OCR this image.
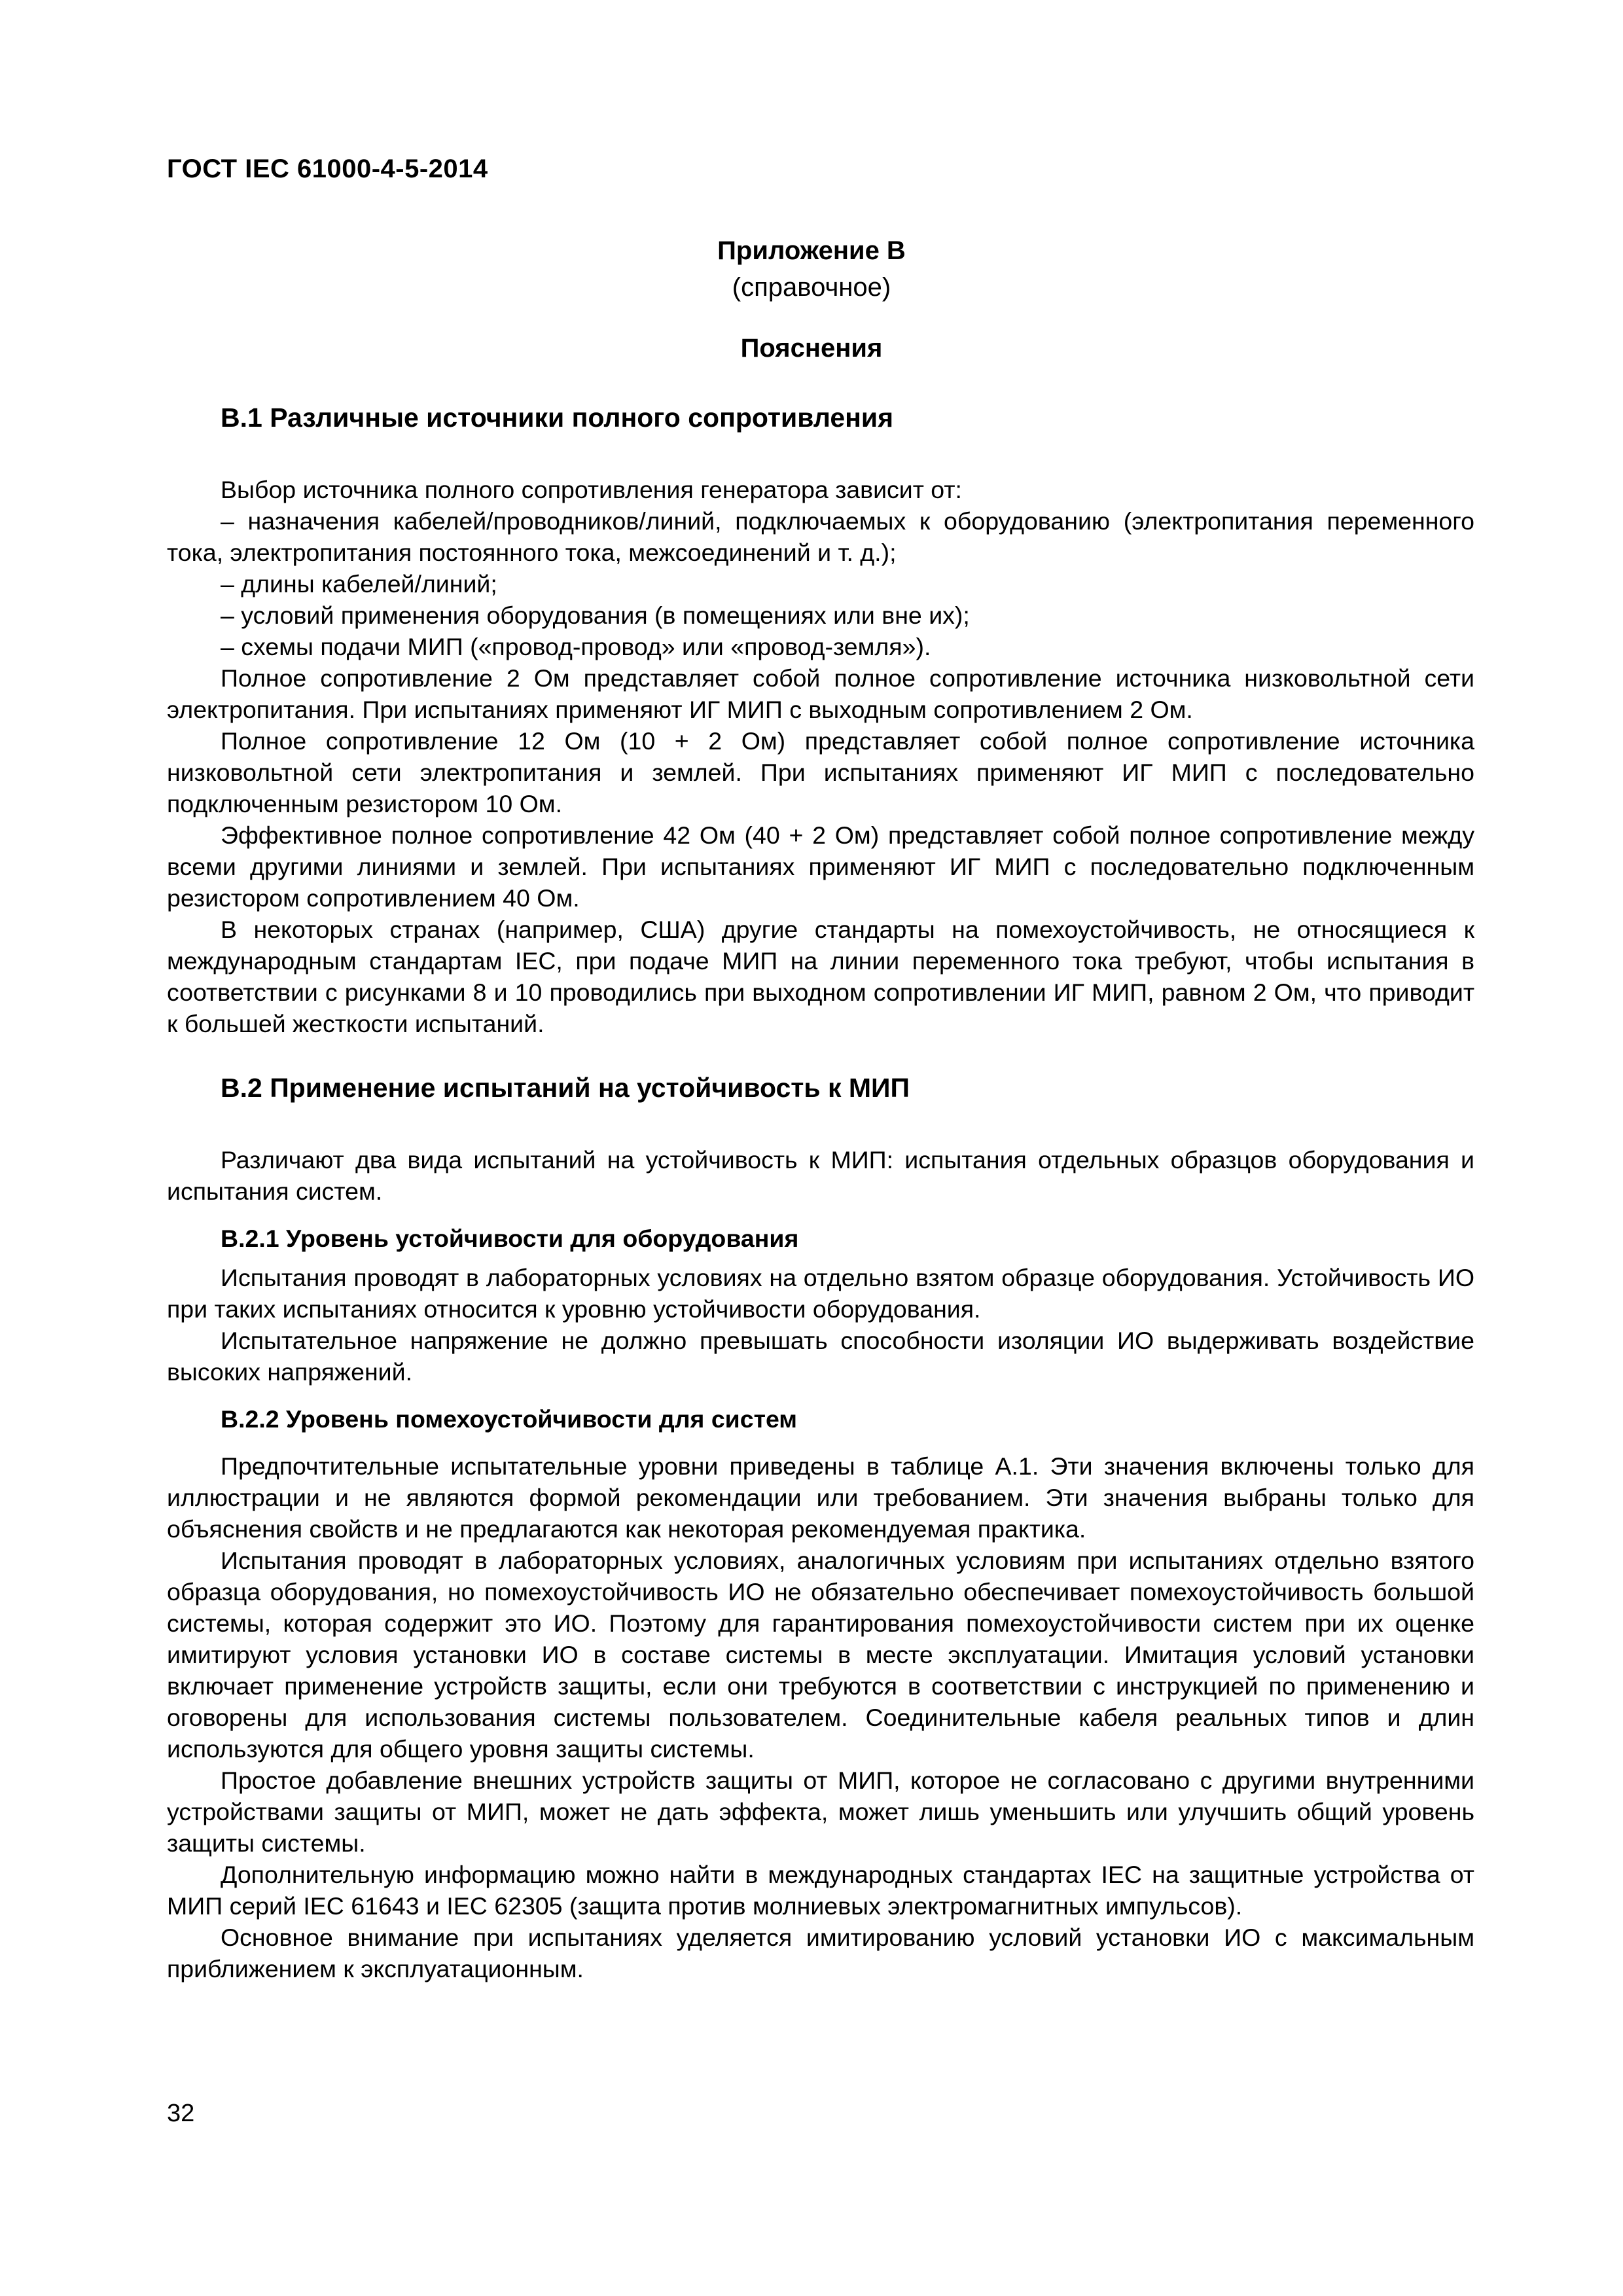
ГОСТ IEC 61000-4-5-2014
Приложение В
(справочное)
Пояснения
В.1 Различные источники полного сопротивления

Выбор источника полного сопротивления генератора зависит от:

– назначения кабелей/проводников/линий, подключаемых к оборудованию (электропитания переменного тока, электропитания постоянного тока, межсоединений и т. д.);

– длины кабелей/линий;

– условий применения оборудования (в помещениях или вне их);

– схемы подачи МИП («провод-провод» или «провод-земля»).

Полное сопротивление 2 Ом представляет собой полное сопротивление источника низковольтной сети электропитания. При испытаниях применяют ИГ МИП с выходным сопротивлением 2 Ом.

Полное сопротивление 12 Ом (10 + 2 Ом) представляет собой полное сопротивление источника низковольтной сети электропитания и землей. При испытаниях применяют ИГ МИП с последовательно подключенным резистором 10 Ом.

Эффективное полное сопротивление 42 Ом (40 + 2 Ом) представляет собой полное сопротивление между всеми другими линиями и землей. При испытаниях применяют ИГ МИП с последовательно подключенным резистором сопротивлением 40 Ом.

В некоторых странах (например, США) другие стандарты на помехоустойчивость, не относящиеся к международным стандартам IEC, при подаче МИП на линии переменного тока требуют, чтобы испытания в соответствии с рисунками 8 и 10 проводились при выходном сопротивлении ИГ МИП, равном 2 Ом, что приводит к большей жесткости испытаний.

В.2 Применение испытаний на устойчивость к МИП

Различают два вида испытаний на устойчивость к МИП: испытания отдельных образцов оборудования и испытания систем.

В.2.1 Уровень устойчивости для оборудования

Испытания проводят в лабораторных условиях на отдельно взятом образце оборудования. Устойчивость ИО при таких испытаниях относится к уровню устойчивости оборудования.

Испытательное напряжение не должно превышать способности изоляции ИО выдерживать воздействие высоких напряжений.

В.2.2 Уровень помехоустойчивости для систем

Предпочтительные испытательные уровни приведены в таблице А.1. Эти значения включены только для иллюстрации и не являются формой рекомендации или требованием. Эти значения выбраны только для объяснения свойств и не предлагаются как некоторая рекомендуемая практика.

Испытания проводят в лабораторных условиях, аналогичных условиям при испытаниях отдельно взятого образца оборудования, но помехоустойчивость ИО не обязательно обеспечивает помехоустойчивость большой системы, которая содержит это ИО. Поэтому для гарантирования помехоустойчивости систем при их оценке имитируют условия установки ИО в составе системы в месте эксплуатации. Имитация условий установки включает применение устройств защиты, если они требуются в соответствии с инструкцией по применению и оговорены для использования системы пользователем. Соединительные кабеля реальных типов и длин используются для общего уровня защиты системы.

Простое добавление внешних устройств защиты от МИП, которое не согласовано с другими внутренними устройствами защиты от МИП, может не дать эффекта, может лишь уменьшить или улучшить общий уровень защиты системы.

Дополнительную информацию можно найти в международных стандартах IEC на защитные устройства от МИП серий IEC 61643 и IEC 62305 (защита против молниевых электромагнитных импульсов).

Основное внимание при испытаниях уделяется имитированию условий установки ИО с максимальным приближением к эксплуатационным.

32
